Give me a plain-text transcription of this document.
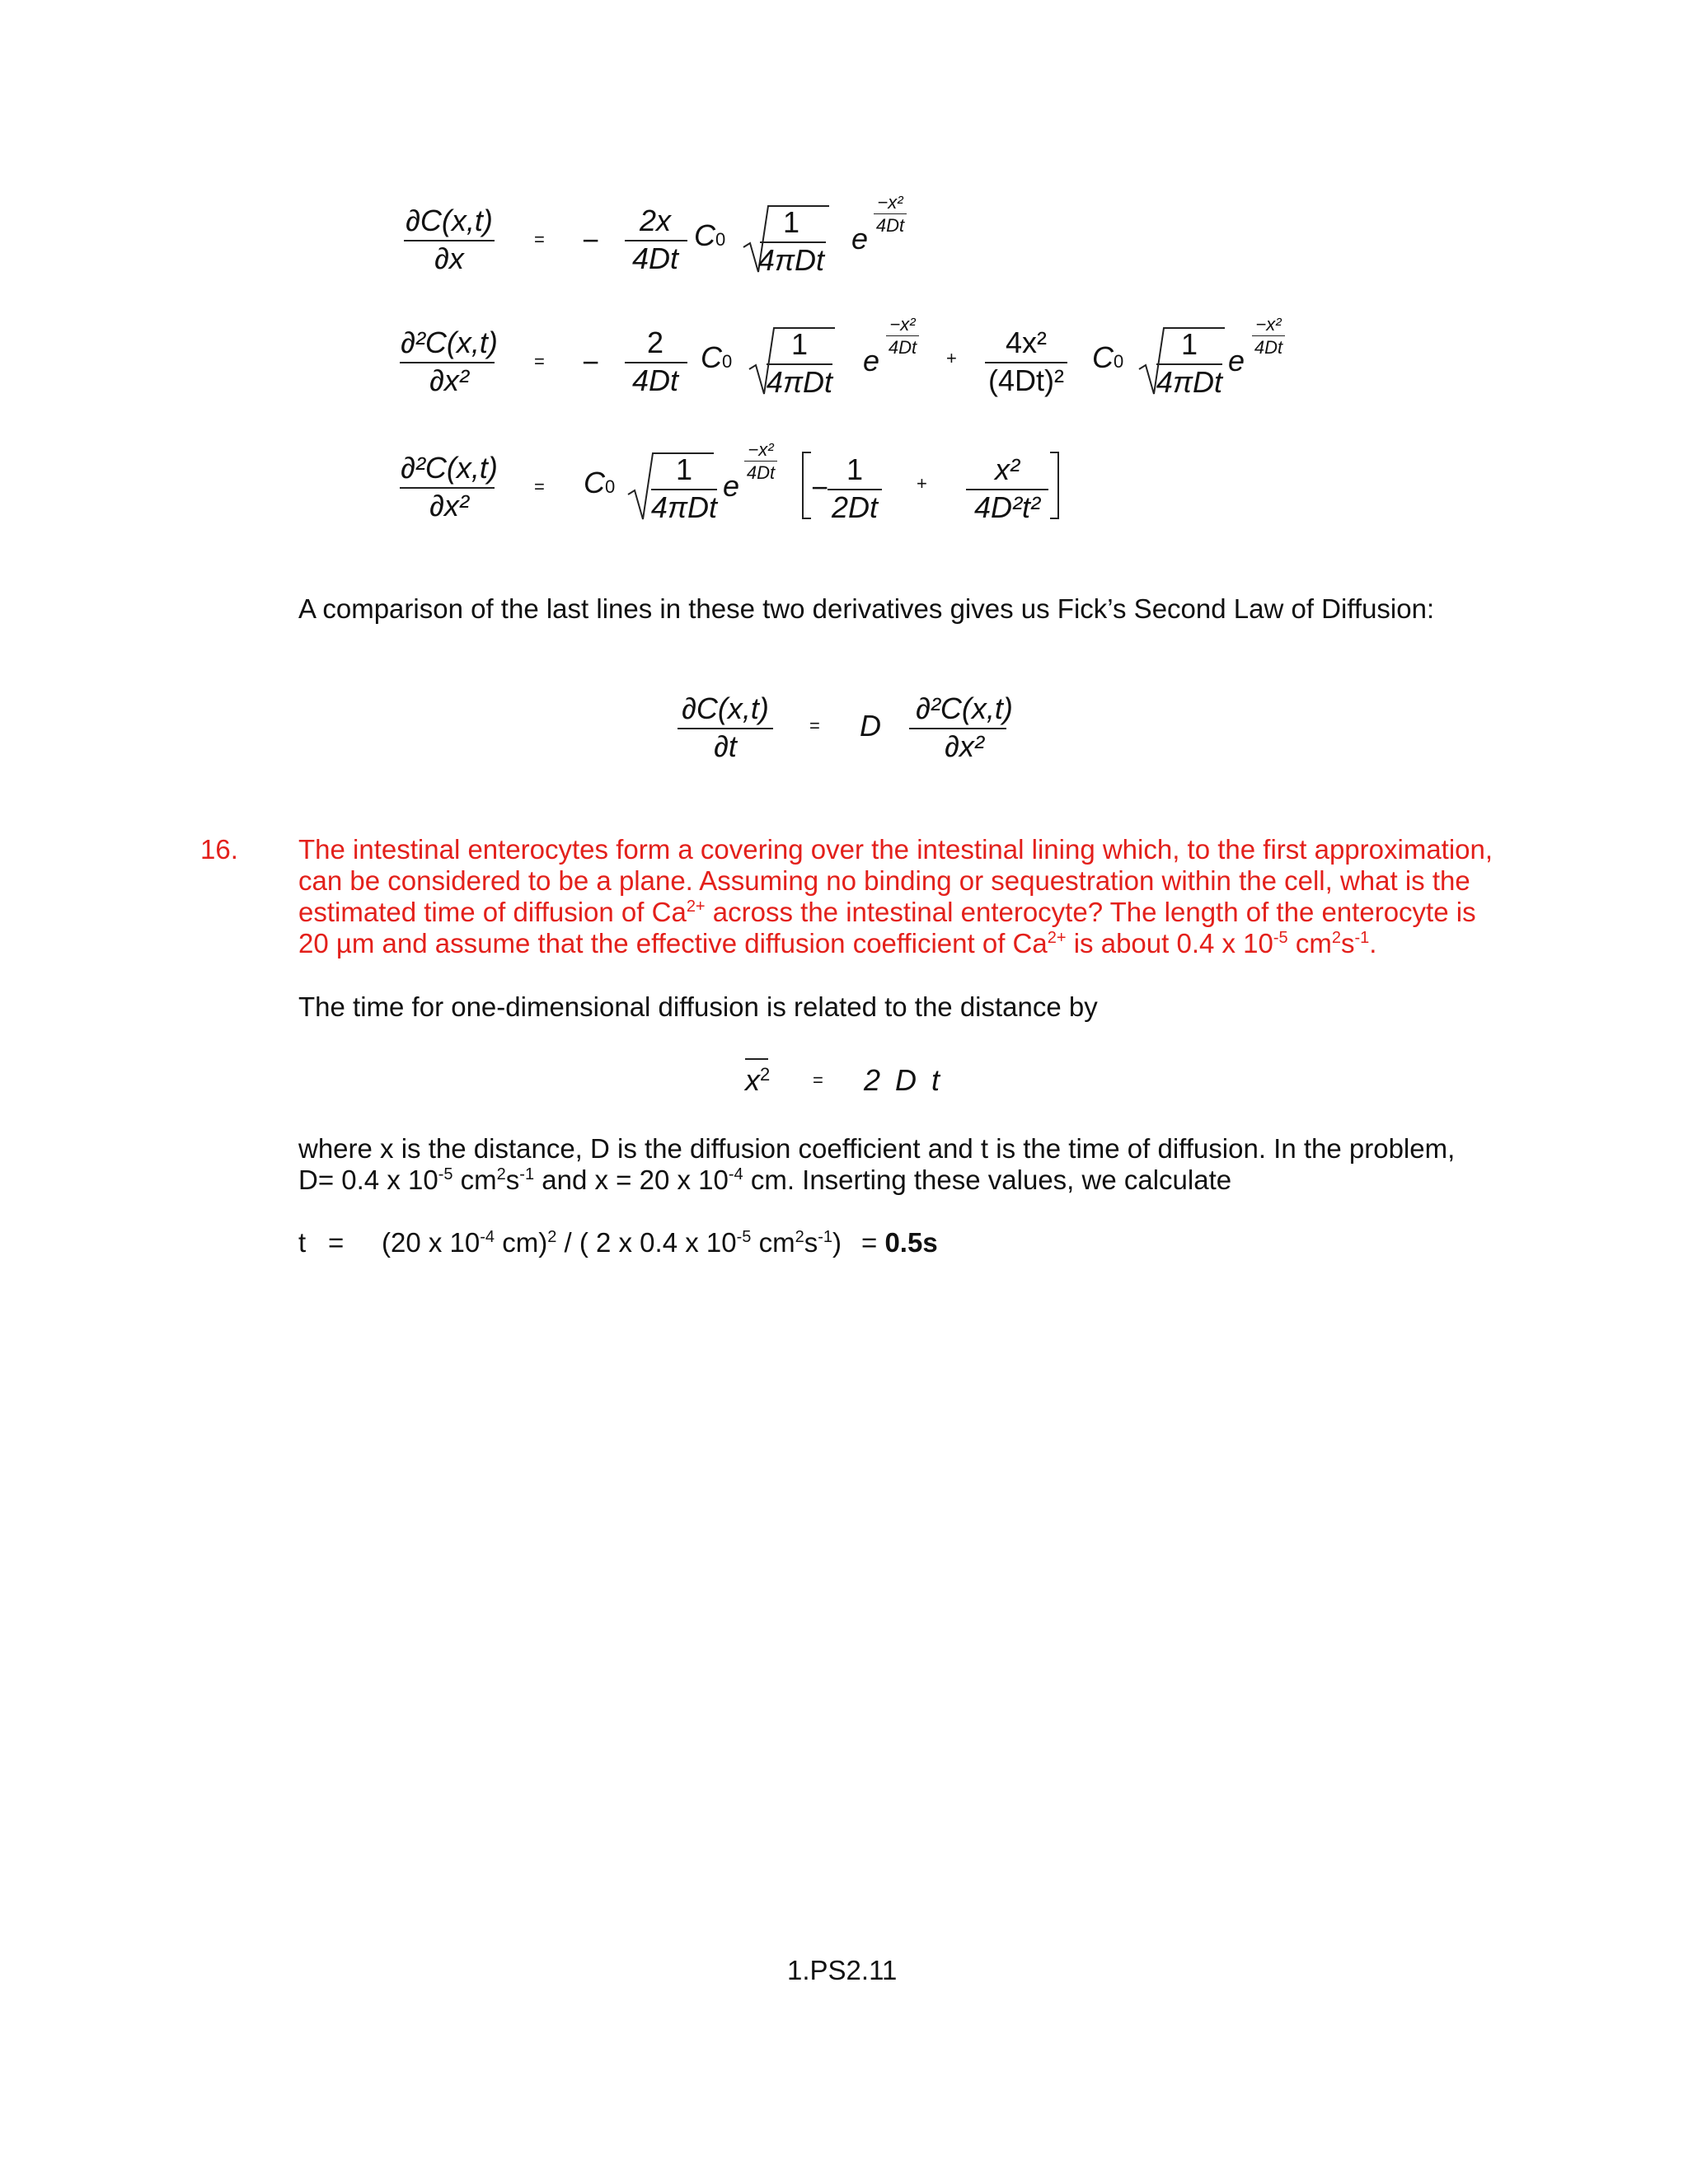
∂C(x,t)
∂x
= −
2x
4Dt
C0
1
4πDt
e
−x²
4Dt
∂²C(x,t)
∂x²
= −
2
4Dt
C0
1
4πDt
e
−x²
4Dt
+	4x²
(4Dt)²
C0
1
4πDt
e
−x²
4Dt
∂²C(x,t)
∂x²
= C0
1
4πDt
e
−x²
4Dt −
1
2Dt
+	x²
4D²t²
A comparison of the last lines in these two derivatives gives us Fick’s Second Law of Diffusion:
∂C(x,t)
∂t
= D
∂²C(x,t)
∂x²
16. The intestinal enterocytes form a covering over the intestinal lining which, to the first approximation,
can be considered to be a plane. Assuming no binding or sequestration within the cell, what is the
estimated time of diffusion of $Ca^{2+}$ across the intestinal enterocyte? The length of the enterocyte is
20 µm and assume that the effective diffusion coefficient of $Ca^{2+}$ is about 0.4 x $10^{-5}$ $cm^2s^{-1}$.
The time for one-dimensional diffusion is related to the distance by
$x^2 = 2$ D t
where x is the distance, D is the diffusion coefficient and t is the time of diffusion. In the problem,
D= 0.4 x $10^{-5}$ $cm^2s^{-1}$ and x = 20 x $10^{-4}$ cm. Inserting these values, we calculate
t = (20 x $10^{-4}$ cm)$^2$ / ( 2 x 0.4 x $10^{-5}$ $cm^2s^{-1}) = 0.5s$
1.PS2.11
